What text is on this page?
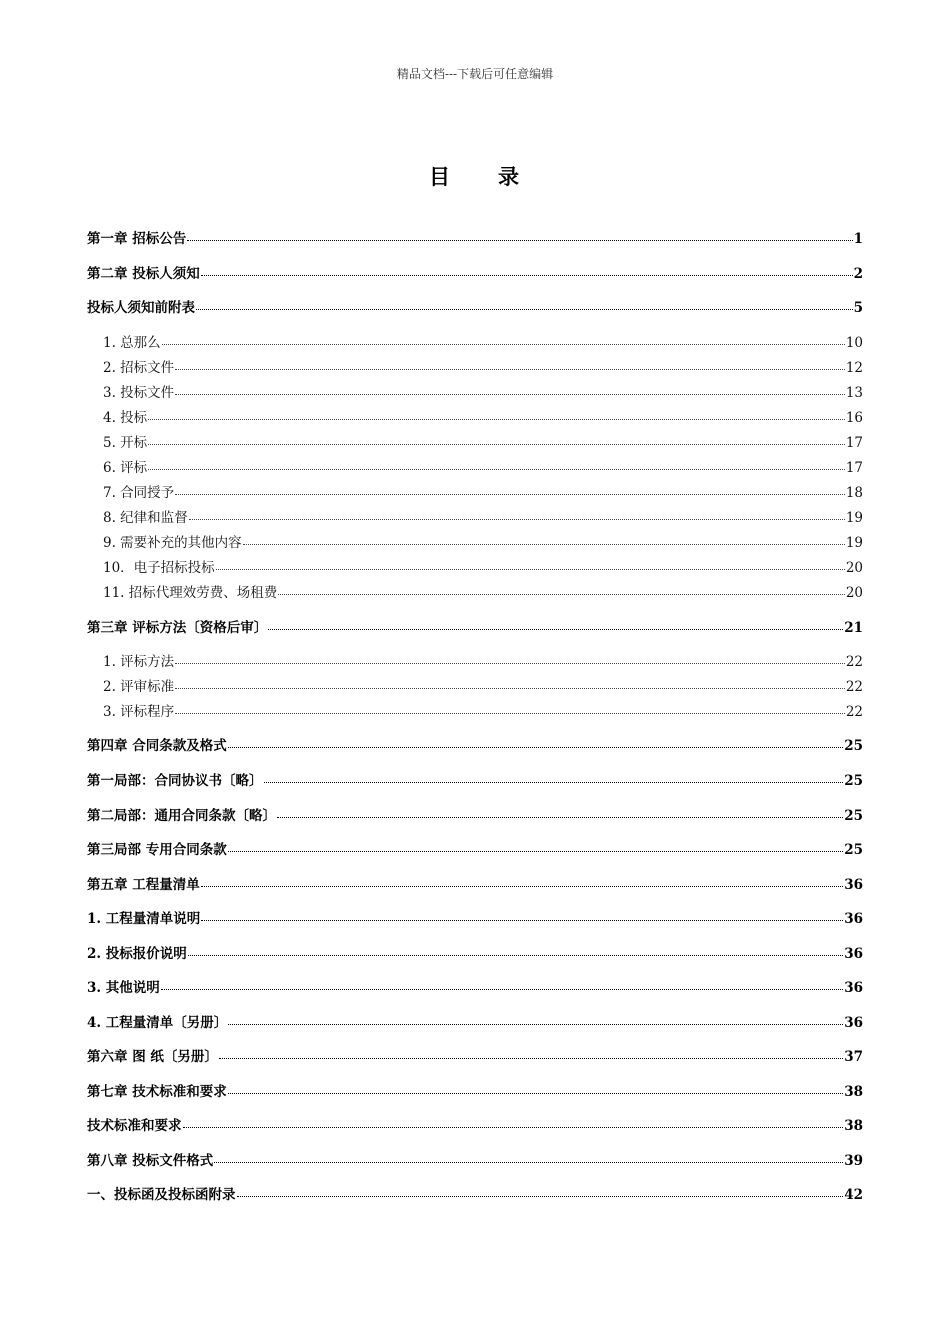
精品文档---下载后可任意编辑
目　　录
第一章 招标公告	1
第二章 投标人须知	2
投标人须知前附表	5
1. 总那么	10
2. 招标文件	12
3. 投标文件	13
4. 投标	16
5. 开标	17
6. 评标	17
7. 合同授予	18
8. 纪律和监督	19
9. 需要补充的其他内容	19
10．电子招标投标	20
11. 招标代理效劳费、场租费	20
第三章 评标方法〔资格后审〕	21
1. 评标方法	22
2. 评审标准	22
3. 评标程序	22
第四章 合同条款及格式	25
第一局部：合同协议书〔略〕	25
第二局部：通用合同条款〔略〕	25
第三局部 专用合同条款	25
第五章 工程量清单	36
1. 工程量清单说明	36
2. 投标报价说明	36
3. 其他说明	36
4. 工程量清单〔另册〕	36
第六章 图 纸〔另册〕	37
第七章 技术标准和要求	38
技术标准和要求	38
第八章 投标文件格式	39
一、投标函及投标函附录	42
